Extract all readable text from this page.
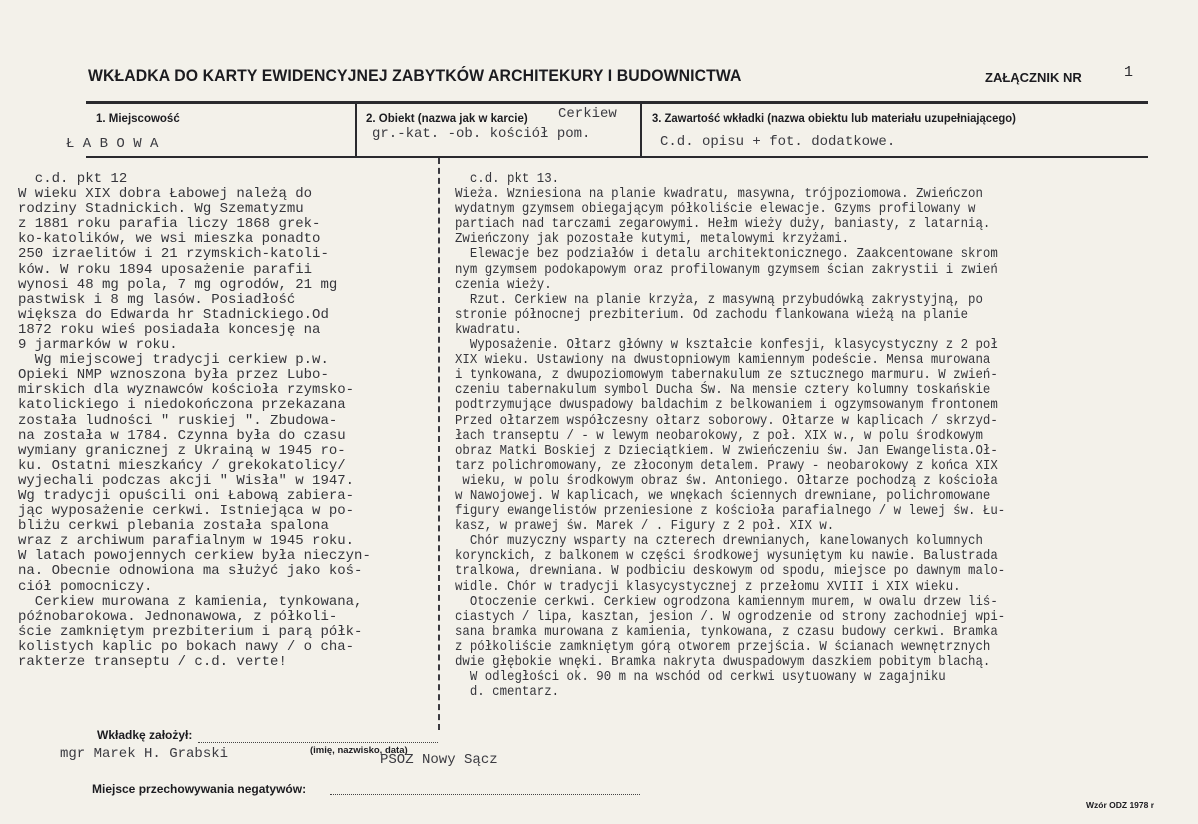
WKŁADKA DO KARTY EWIDENCYJNEJ ZABYTKÓW ARCHITEKURY I BUDOWNICTWA	ZAŁĄCZNIK NR	1
1. Miejscowość
Ł A B O W A
2. Obiekt (nazwa jak w karcie) Cerkiew
gr.-kat. -ob. kościół pom.
3. Zawartość wkładki (nazwa obiektu lub materiału uzupełniającego)
C.d. opisu + fot. dodatkowe.
c.d. pkt 12
W wieku XIX dobra Łabowej należą do
rodziny Stadnickich. Wg Szematyzmu
z 1881 roku parafia liczy 1868 grek-
ko-katolików, we wsi mieszka ponadto
250 izraelitów i 21 rzymskich-katoli-
ków. W roku 1894 uposażenie parafii
wynosi 48 mg pola, 7 mg ogrodów, 21 mg
pastwisk i 8 mg lasów. Posiadłość
większa do Edwarda hr Stadnickiego.Od
1872 roku wieś posiadała koncesję na
9 jarmarków w roku.
Wg miejscowej tradycji cerkiew p.w.
Opieki NMP wznoszona była przez Lubo-
mirskich dla wyznawców kościoła rzymsko-
katolickiego i niedokończona przekazana
została ludności " ruskiej ". Zbudowa-
na została w 1784. Czynna była do czasu
wymiany granicznej z Ukrainą w 1945 ro-
ku. Ostatni mieszkańcy / grekokatolicy/
wyjechali podczas akcji " Wisła" w 1947.
Wg tradycji opuścili oni Łabową zabiera-
jąc wyposażenie cerkwi. Istniejąca w po-
bliżu cerkwi plebania została spalona
wraz z archiwum parafialnym w 1945 roku.
W latach powojennych cerkiew była nieczyn-
na. Obecnie odnowiona ma służyć jako koś-
ciół pomocniczy.
Cerkiew murowana z kamienia, tynkowana,
późnobarokowa. Jednonawowa, z półkoli-
ście zamkniętym prezbiterium i parą półk-
kolistych kaplic po bokach nawy / o cha-
rakterze transeptu / c.d. verte!
c.d. pkt 13.
Wieża. Wzniesiona na planie kwadratu, masywna, trójpoziomowa. Zwieńczon
wydatnym gzymsem obiegającym półkoliście elewacje. Gzyms profilowany w
partiach nad tarczami zegarowymi. Hełm wieży duży, baniasty, z latarnią.
Zwieńczony jak pozostałe kutymi, metalowymi krzyżami.
Elewacje bez podziałów i detalu architektonicznego. Zaakcentowane skrom
nym gzymsem podokapowym oraz profilowanym gzymsem ścian zakrystii i zwień
czenia wieży.
Rzut. Cerkiew na planie krzyża, z masywną przybudówką zakrystyjną, po
stronie północnej prezbiterium. Od zachodu flankowana wieżą na planie
kwadratu.
Wyposażenie. Ołtarz główny w kształcie konfesji, klasycystyczny z 2 poł
XIX wieku. Ustawiony na dwustopniowym kamiennym podeście. Mensa murowana
i tynkowana, z dwupoziomowym tabernakulum ze sztucznego marmuru. W zwień-
czeniu tabernakulum symbol Ducha Św. Na mensie cztery kolumny toskańskie
podtrzymujące dwuspadowy baldachim z belkowaniem i ogzymsowanym frontonem
Przed ołtarzem współczesny ołtarz soborowy. Ołtarze w kaplicach / skrzyd-
łach transeptu / - w lewym neobarokowy, z poł. XIX w., w polu środkowym
obraz Matki Boskiej z Dzieciątkiem. W zwieńczeniu św. Jan Ewangelista.Oł-
tarz polichromowany, ze złoconym detalem. Prawy - neobarokowy z końca XIX
wieku, w polu środkowym obraz św. Antoniego. Ołtarze pochodzą z kościoła
w Nawojowej. W kaplicach, we wnękach ściennych drewniane, polichromowane
figury ewangelistów przeniesione z kościoła parafialnego / w lewej św. Łu-
kasz, w prawej św. Marek / . Figury z 2 poł. XIX w.
Chór muzyczny wsparty na czterech drewnianych, kanelowanych kolumnych
korynckich, z balkonem w części środkowej wysuniętym ku nawie. Balustrada
tralkowa, drewniana. W podbiciu deskowym od spodu, miejsce po dawnym malo-
widle. Chór w tradycji klasycystycznej z przełomu XVIII i XIX wieku.
Otoczenie cerkwi. Cerkiew ogrodzona kamiennym murem, w owalu drzew liś-
ciastych / lipa, kasztan, jesion /. W ogrodzenie od strony zachodniej wpi-
sana bramka murowana z kamienia, tynkowana, z czasu budowy cerkwi. Bramka
z półkoliście zamkniętym górą otworem przejścia. W ścianach wewnętrznych
dwie głębokie wnęki. Bramka nakryta dwuspadowym daszkiem pobitym blachą.
W odległości ok. 90 m na wschód od cerkwi usytuowany w zagajniku
d. cmentarz.
Wkładkę założył:
mgr Marek H. Grabski	(imię, nazwisko, data)
PSOZ Nowy Sącz
Miejsce przechowywania negatywów:
Wzór ODZ 1978 r
